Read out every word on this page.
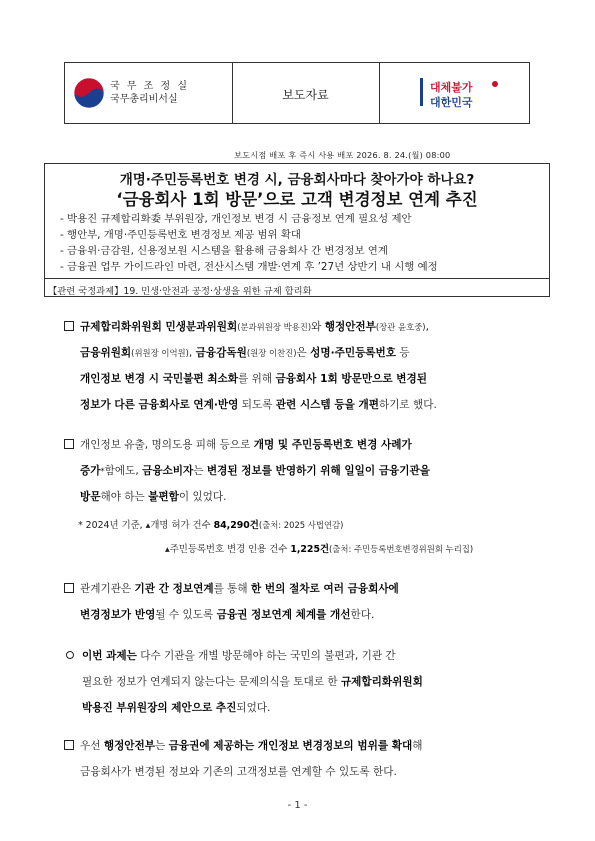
국 무 조 정 실
국무총리비서실	보도자료
대체불가
대한민국
보도시점 배포 후 즉시 사용 배포 2026. 8. 24.(월) 08:00
개명·주민등록번호 변경 시, 금융회사마다 찾아가야 하나요?
‘금융회사 1회 방문’으로 고객 변경정보 연계 추진
- 박용진 규제합리화委 부위원장, 개인정보 변경 시 금융정보 연계 필요성 제안
- 행안부, 개명·주민등록번호 변경정보 제공 범위 확대
- 금융위·금감원, 신용정보원 시스템을 활용해 금융회사 간 변경정보 연계
- 금융권 업무 가이드라인 마련, 전산시스템 개발·연계 후 ’27년 상반기 내 시행 예정
【관련 국정과제】19. 민생·안전과 공정·상생을 위한 규제 합리화
규제합리화위원회 민생분과위원회(분과위원장 박용진)와 행정안전부(장관 윤호중),
금융위원회(위원장 이억원), 금융감독원(원장 이찬진)은 성명·주민등록번호 등
개인정보 변경 시 국민불편 최소화를 위해 금융회사 1회 방문만으로 변경된
정보가 다른 금융회사로 연계·반영 되도록 관련 시스템 등을 개편하기로 했다.
개인정보 유출, 명의도용 피해 등으로 개명 및 주민등록번호 변경 사례가
증가*함에도, 금융소비자는 변경된 정보를 반영하기 위해 일일이 금융기관을
방문해야 하는 불편함이 있었다.
* 2024년 기준, ▴개명 허가 건수 84,290건(출처: 2025 사법연감)
▴주민등록번호 변경 인용 건수 1,225건(출처: 주민등록번호변경위원회 누리집)
관계기관은 기관 간 정보연계를 통해 한 번의 절차로 여러 금융회사에
변경정보가 반영될 수 있도록 금융권 정보연계 체계를 개선한다.
이번 과제는 다수 기관을 개별 방문해야 하는 국민의 불편과, 기관 간
필요한 정보가 연계되지 않는다는 문제의식을 토대로 한 규제합리화위원회
박용진 부위원장의 제안으로 추진되었다.
우선 행정안전부는 금융권에 제공하는 개인정보 변경정보의 범위를 확대해
금융회사가 변경된 정보와 기존의 고객정보를 연계할 수 있도록 한다.
- 1 -
